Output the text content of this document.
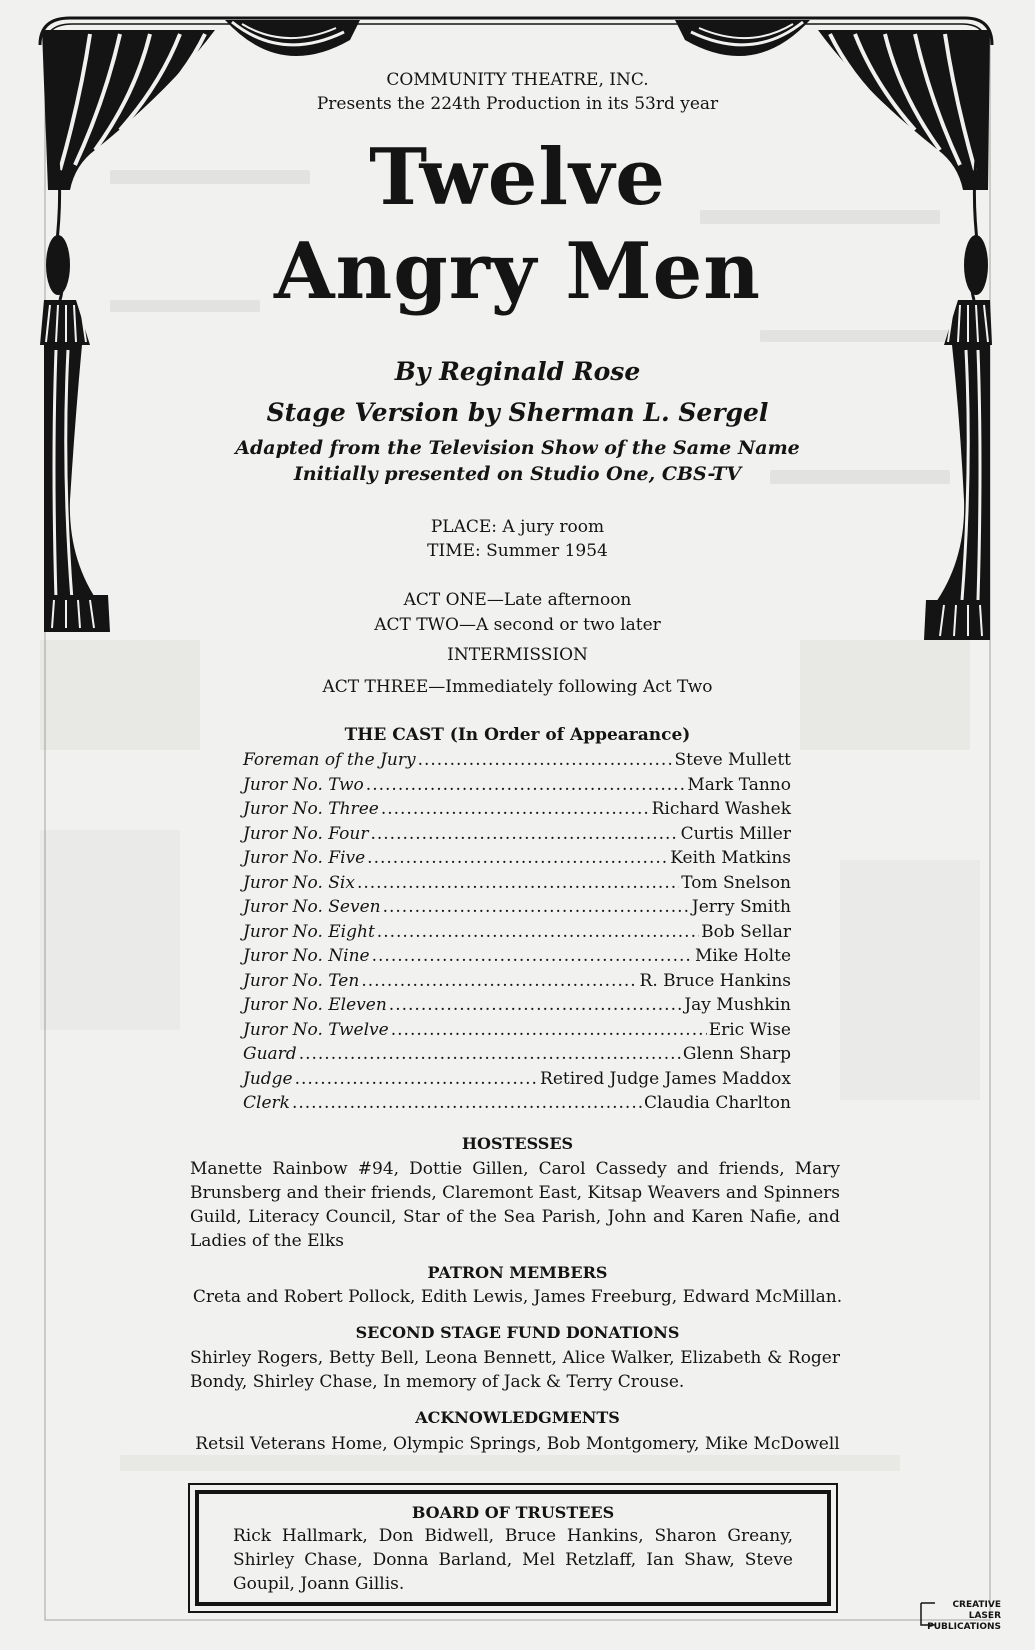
COMMUNITY THEATRE, INC.
Presents the 224th Production in its 53rd year
Twelve
Angry Men
By Reginald Rose
Stage Version by Sherman L. Sergel
Adapted from the Television Show of the Same Name
Initially presented on Studio One, CBS-TV
PLACE: A jury room
TIME: Summer 1954
ACT ONE—Late afternoon
ACT TWO—A second or two later
INTERMISSION
ACT THREE—Immediately following Act Two
THE CAST (In Order of Appearance)
Foreman of the Jury .....	Steve Mullett
Juror No. Two .....	Mark Tanno
Juror No. Three .....	Richard Washek
Juror No. Four .....	Curtis Miller
Juror No. Five .....	Keith Matkins
Juror No. Six .....	Tom Snelson
Juror No. Seven .....	Jerry Smith
Juror No. Eight .....	Bob Sellar
Juror No. Nine .....	Mike Holte
Juror No. Ten .....	R. Bruce Hankins
Juror No. Eleven .....	Jay Mushkin
Juror No. Twelve .....	Eric Wise
Guard .....	Glenn Sharp
Judge .....	Retired Judge James Maddox
Clerk .....	Claudia Charlton
HOSTESSES
Manette Rainbow #94, Dottie Gillen, Carol Cassedy and friends, Mary Brunsberg and their friends, Claremont East, Kitsap Weavers and Spinners Guild, Literacy Council, Star of the Sea Parish, John and Karen Nafie, and Ladies of the Elks
PATRON MEMBERS
Creta and Robert Pollock, Edith Lewis, James Freeburg, Edward McMillan.
SECOND STAGE FUND DONATIONS
Shirley Rogers, Betty Bell, Leona Bennett, Alice Walker, Elizabeth & Roger Bondy, Shirley Chase, In memory of Jack & Terry Crouse.
ACKNOWLEDGMENTS
Retsil Veterans Home, Olympic Springs, Bob Montgomery, Mike McDowell
BOARD OF TRUSTEES
Rick Hallmark, Don Bidwell, Bruce Hankins, Sharon Greany, Shirley Chase, Donna Barland, Mel Retzlaff, Ian Shaw, Steve Goupil, Joann Gillis.
CREATIVE
LASER
PUBLICATIONS
